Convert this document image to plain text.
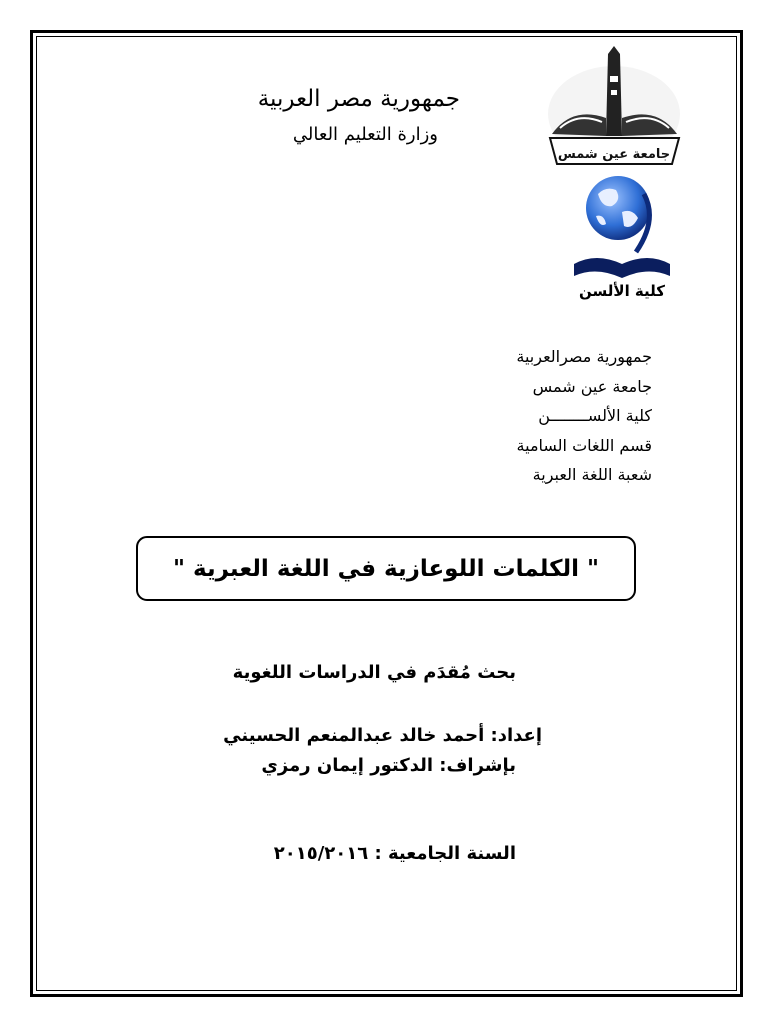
جمهورية مصر العربية
وزارة التعليم العالي
جامعة عين شمس
كلية الألسن
جمهورية مصرالعربية
جامعة عين شمس
كلية الألســــــــن
قسم اللغات السامية
شعبة اللغة العبرية
" الكلمات اللوعازية في اللغة العبرية "
بحث مُقدَم في الدراسات اللغوية
إعداد: أحمد خالد عبدالمنعم الحسيني
بإشراف: الدكتور إيمان رمزي
السنة الجامعية : ٢٠١٥/٢٠١٦
